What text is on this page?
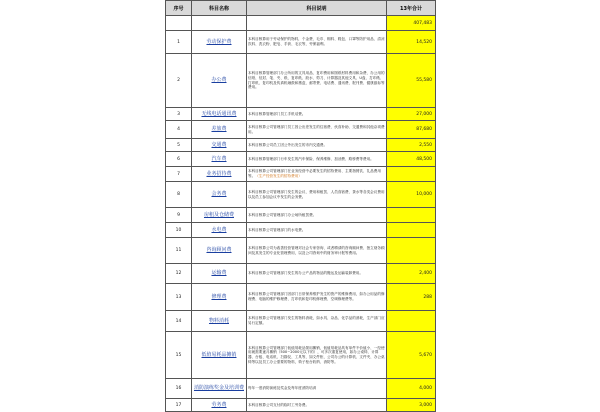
序号	科目名称	科目说明	13年合计
			407,483
1	劳动保护费	本科目核算用于劳动保护的物料，个金费、毛巾、桐料、鞋包、口罩等防护用品、清凉饮料、洗衣粉、肥皂、手套、毛衣等，劳保福利。	14,520
2	办公费	本科目核算管理部门办公所用的文具用品、复印费用和图纸材料费用和杂费、办公用的信纸、信封、笔、夹、纸、复印纸、胶水、剪刀、计算器及其他文具、U盘、打印纸、打印机、复印机及传真机硒鼓和墨盒，邮寄费、电话费、通讯费、报刊费、健康鼠标等费用。	55,580
3	无线电话通讯费	本科目核算管理部门员工手机话费。	27,000
4	差旅费	本科目核算公司管理部门员工因公出差发生的住宿费、伙食补助、交通费和其他杂项费用。	87,680
5	交通费	本科目核算公司员工因公外出发生的市内交通费。	2,550
6	汽车费	本科目核算管理部门行车发生的汽车保险、保养维修、加油费、路桥费等费用。	48,500
7	业务招待费	本科目核算公司管理部门在业务经营中必要发生的招待费用、主要指餐饮、礼品费用等。（生产经营发生的招待费用）	
8	会务费	本科目核算公司管理部门发生的会议、费用和租赁、人员食宿费、茶水等各类会议费用以及员工参加会议中发生的会务费。	10,000
9	房租及仓储费	本科目核算公司管理部门办公场所租赁费。	
10	水电费	本科目核算公司管理部门的水电费。	
11	咨询顾问费	本科目核算公司为改善经营管理对社会专家咨询、或者聘请的咨询顾问费、独立财务顾问及其发生的专业化管理费用，以及公司咨询中的财务审计报等费用。	
12	运输费	本科目核算公司管理部门发生的办公产品的物品的搬运及运输装卸费用。	2,400
13	修理费	本科目核算公司管理部门因部门日常保养维护发生的资产的维修费用，如办公用品的修理费、电脑的维护修理费、打印机和复印机修理费、空调修理费等。	288
14	物料消耗	本科目核算公司管理部门发生的物料消耗，如水具、杂品、化学品的消耗，生产部门应另行定额。	
15	低值易耗品摊销	本科目核算公司管理部门低值易耗品领用摊销，低值易耗品具有单件不价值小、一经使用就需要逐月摊销（500~2000元以下的），可多次重复使用，如办公桌椅、计算器、台板、电话机、扫描仪、工具等，如文件柜、公司办公的计算机、文件夹、办公桌椅等以及员工办公需要的物料，椅子柜台收纳、消防等。	5,670
16	消防演练奖金及培训费	每年一度消防演练及奖金及每年度消防培训	4,000
17	劳务费	本科目核算公司支付的临时工劳务费。	3,000
